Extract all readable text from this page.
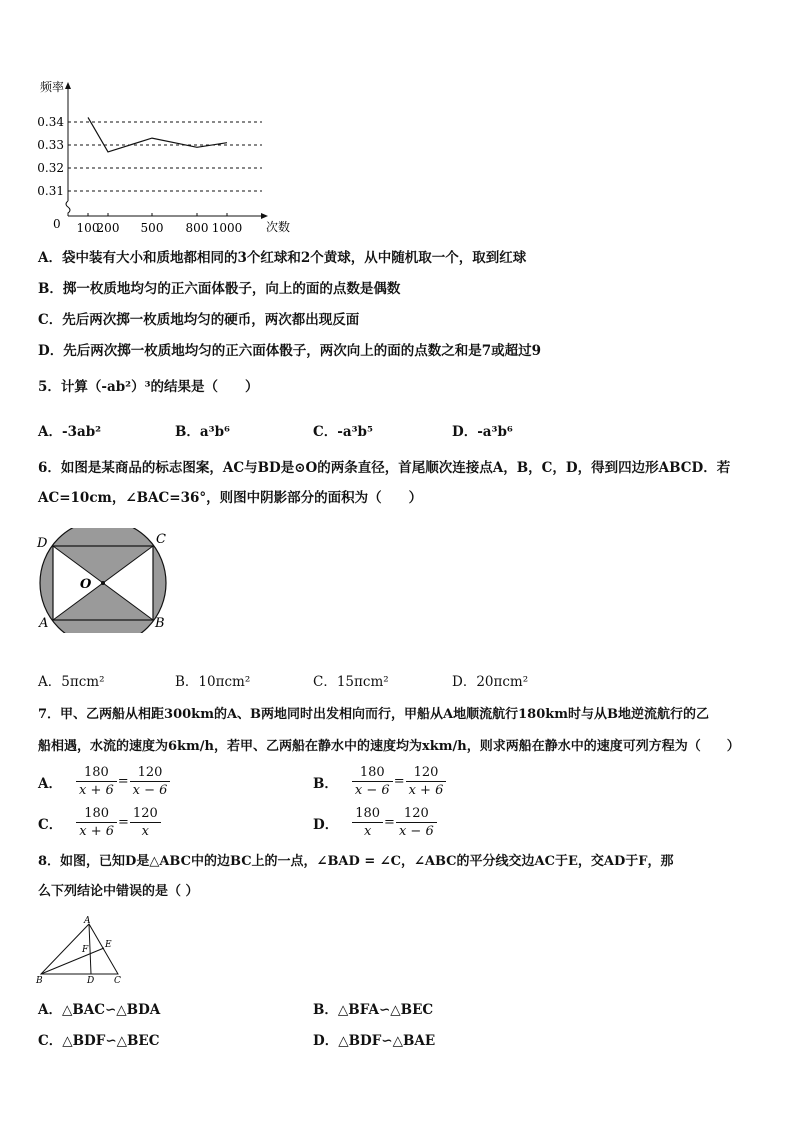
频率
次数
0
0.34
0.33
0.32
0.31
100
200 500 800 1000
A．袋中装有大小和质地都相同的3个红球和2个黄球，从中随机取一个，取到红球
B．掷一枚质地均匀的正六面体骰子，向上的面的点数是偶数
C．先后两次掷一枚质地均匀的硬币，两次都出现反面
D．先后两次掷一枚质地均匀的正六面体骰子，两次向上的面的点数之和是7或超过9
5．计算（-ab²）³的结果是（　　）
A．-3ab²	B．a³b⁶	C．-a³b⁵	D．-a³b⁶
6．如图是某商品的标志图案，AC与BD是⊙O的两条直径，首尾顺次连接点A，B，C，D，得到四边形ABCD．若AC=10cm，∠BAC=36°，则图中阴影部分的面积为（　　）
D	C
A	B
O
A．5πcm²	B．10πcm²	C．15πcm²	D．20πcm²
7．甲、乙两船从相距300km的A、B两地同时出发相向而行，甲船从A地顺流航行180km时与从B地逆流航行的乙
船相遇，水流的速度为6km/h，若甲、乙两船在静水中的速度均为xkm/h，则求两船在静水中的速度可列方程为（　　）
A． $\frac{180}{x + 6} = \frac{120}{x - 6}$	B． $\frac{180}{x - 6} = \frac{120}{x + 6}$
C． $\frac{180}{x + 6} = \frac{120}{x}$	D． $\frac{180}{x} = \frac{120}{x - 6}$
8．如图，已知D是△ABC中的边BC上的一点，∠BAD = ∠C，∠ABC的平分线交边AC于E，交AD于F，那
么下列结论中错误的是（ ）
A
B	C
D
E
F
A．△BAC∽△BDA	B．△BFA∽△BEC
C．△BDF∽△BEC	D．△BDF∽△BAE
